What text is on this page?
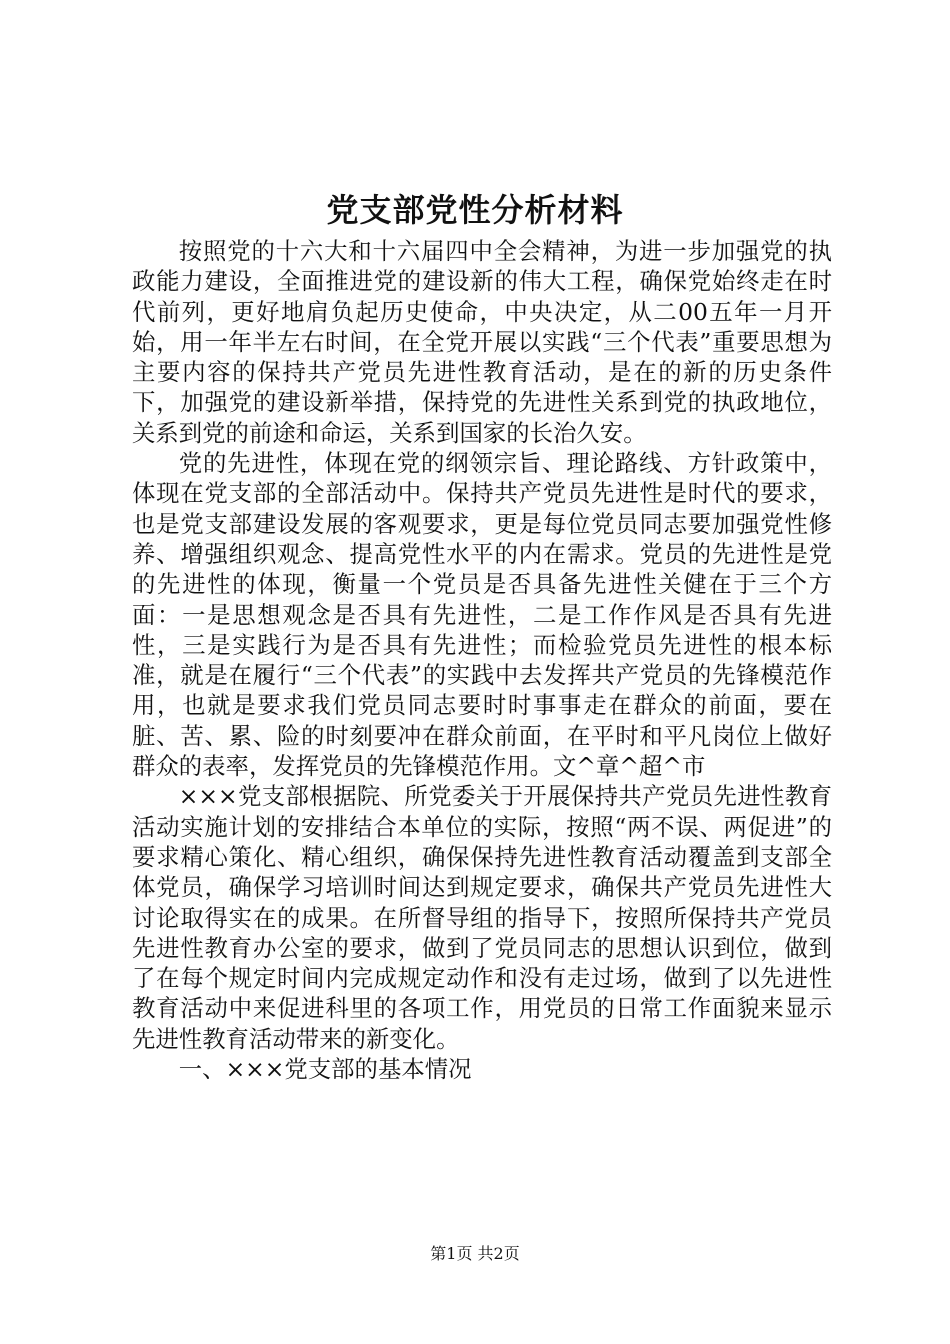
党支部党性分析材料

按照党的十六大和十六届四中全会精神，为进一步加强党的执政能力建设，全面推进党的建设新的伟大工程，确保党始终走在时代前列，更好地肩负起历史使命，中央决定，从二00五年一月开始，用一年半左右时间，在全党开展以实践“三个代表”重要思想为主要内容的保持共产党员先进性教育活动，是在的新的历史条件下，加强党的建设新举措，保持党的先进性关系到党的执政地位，关系到党的前途和命运，关系到国家的长治久安。

党的先进性，体现在党的纲领宗旨、理论路线、方针政策中，体现在党支部的全部活动中。保持共产党员先进性是时代的要求，也是党支部建设发展的客观要求，更是每位党员同志要加强党性修养、增强组织观念、提高党性水平的内在需求。党员的先进性是党的先进性的体现，衡量一个党员是否具备先进性关健在于三个方面：一是思想观念是否具有先进性，二是工作作风是否具有先进性，三是实践行为是否具有先进性；而检验党员先进性的根本标准，就是在履行“三个代表”的实践中去发挥共产党员的先锋模范作用，也就是要求我们党员同志要时时事事走在群众的前面，要在脏、苦、累、险的时刻要冲在群众前面，在平时和平凡岗位上做好群众的表率，发挥党员的先锋模范作用。文^章^超^市

×××党支部根据院、所党委关于开展保持共产党员先进性教育活动实施计划的安排结合本单位的实际，按照“两不误、两促进”的要求精心策化、精心组织，确保保持先进性教育活动覆盖到支部全体党员，确保学习培训时间达到规定要求，确保共产党员先进性大讨论取得实在的成果。在所督导组的指导下，按照所保持共产党员先进性教育办公室的要求，做到了党员同志的思想认识到位，做到了在每个规定时间内完成规定动作和没有走过场，做到了以先进性教育活动中来促进科里的各项工作，用党员的日常工作面貌来显示先进性教育活动带来的新变化。

一、×××党支部的基本情况

第1页 共2页
